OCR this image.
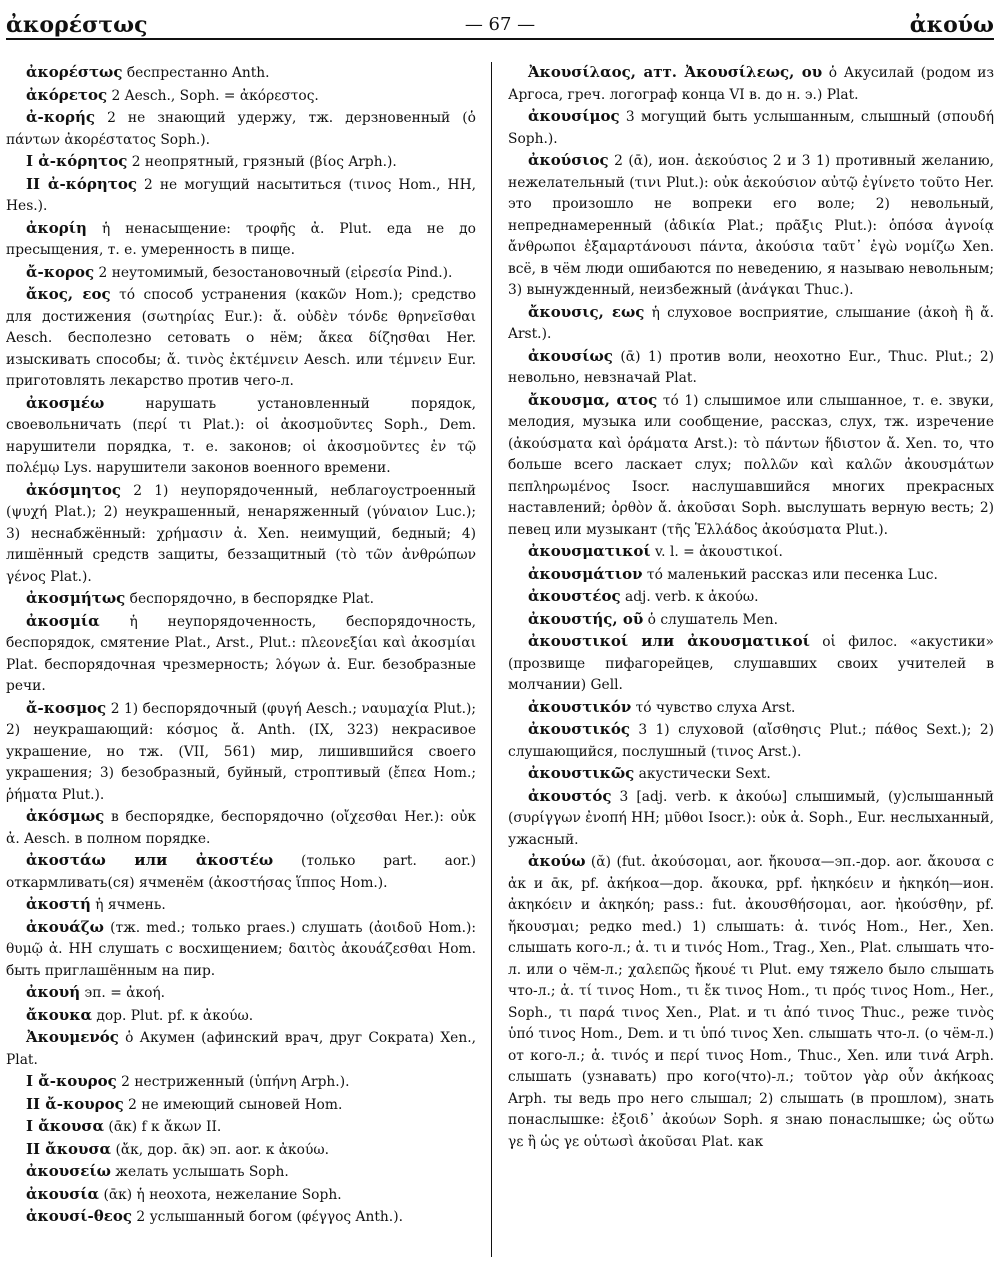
ἀκορέστως	— 67 —	ἀκούω

ἀκορέστως беспрестанно Anth.

ἀκόρετος 2 Aesch., Soph. = ἀκόρεστος.

ἀ-κορής 2 не знающий удержу, тж. дерзновенный (ὁ πάντων ἀκορέστατος Soph.).

I ἀ-κόρητος 2 неопрятный, грязный (βίος Arph.).

II ἀ-κόρητος 2 не могущий насытиться (τινος Hom., HH, Hes.).

ἀκορίη ἡ ненасыщение: τροφῆς ἀ. Plut. еда не до пресыщения, т. е. умеренность в пище.

ἄ-κορος 2 неутомимый, безостановочный (εἰρεσία Pind.).

ἄκος, εος τό способ устранения (κακῶν Hom.); средство для достижения (σωτηρίας Eur.): ἄ. οὐδὲν τόνδε θρηνεῖσθαι Aesch. бесполезно сетовать о нём; ἄκεα δίζησθαι Her. изыскивать способы; ἄ. τινὸς ἐκτέμνειν Aesch. или τέμνειν Eur. приготовлять лекарство против чего-л.

ἀκοσμέω нарушать установленный порядок, своевольничать (περί τι Plat.): οἱ ἀκοσμοῦντες Soph., Dem. нарушители порядка, т. е. законов; οἱ ἀκοσμοῦντες ἐν τῷ πολέμῳ Lys. нарушители законов военного времени.

ἀκόσμητος 2 1) неупорядоченный, неблагоустроенный (ψυχή Plat.); 2) неукрашенный, ненаряженный (γύναιον Luc.); 3) неснабжённый: χρήμασιν ἀ. Xen. неимущий, бедный; 4) лишённый средств защиты, беззащитный (τὸ τῶν ἀνθρώπων γένος Plat.).

ἀκοσμήτως беспорядочно, в беспорядке Plat.

ἀκοσμία ἡ неупорядоченность, беспорядочность, беспорядок, смятение Plat., Arst., Plut.: πλεονεξίαι καὶ ἀκοσμίαι Plat. беспорядочная чрезмерность; λόγων ἀ. Eur. безобразные речи.

ἄ-κοσμος 2 1) беспорядочный (φυγή Aesch.; ναυμαχία Plut.); 2) неукрашающий: κόσμος ἄ. Anth. (IX, 323) некрасивое украшение, но тж. (VII, 561) мир, лишившийся своего украшения; 3) безобразный, буйный, строптивый (ἔπεα Hom.; ῥήματα Plut.).

ἀκόσμως в беспорядке, беспорядочно (οἴχεσθαι Her.): οὐκ ἀ. Aesch. в полном порядке.

ἀκοστάω или ἀκοστέω (только part. aor.) откармливать(ся) ячменём (ἀκοστήσας ἵππος Hom.).

ἀκοστή ἡ ячмень.

ἀκουάζω (тж. med.; только praes.) слушать (ἀοιδοῦ Hom.): θυμῷ ἀ. HH слушать с восхищением; δαιτὸς ἀκουάζεσθαι Hom. быть приглашённым на пир.

ἀκουή эп. = ἀκοή.

ἄκουκα дор. Plut. pf. к ἀκούω.

Ἀκουμενός ὁ Акумен (афинский врач, друг Сократа) Xen., Plat.

I ἄ-κουρος 2 нестриженный (ὑπήνη Arph.).

II ἄ-κουρος 2 не имеющий сыновей Hom.

I ἄκουσα (ᾱκ) f к ἄκων II.

II ἄκουσα (ἄκ, дор. ᾱκ) эп. aor. к ἀκούω.

ἀκουσείω желать услышать Soph.

ἀκουσία (ᾱκ) ἡ неохота, нежелание Soph.

ἀκουσί-θεος 2 услышанный богом (φέγγος Anth.).

Ἀκουσίλαος, атт. Ἀκουσίλεως, ου ὁ Акусилай (родом из Аргоса, греч. логограф конца VI в. до н. э.) Plat.

ἀκουσίμος 3 могущий быть услышанным, слышный (σπουδή Soph.).

ἀκούσιος 2 (ᾱ), ион. ἀεκούσιος 2 и 3 1) противный желанию, нежелательный (τινι Plut.): οὐκ ἀεκούσιον αὐτῷ ἐγίνετο τοῦτο Her. это произошло не вопреки его воле; 2) невольный, непреднамеренный (ἀδικία Plat.; πρᾶξις Plut.): ὁπόσα ἀγνοίᾳ ἄνθρωποι ἐξαμαρτάνουσι πάντα, ἀκούσια ταῦτ᾽ ἐγὼ νομίζω Xen. всё, в чём люди ошибаются по неведению, я называю невольным; 3) вынужденный, неизбежный (ἀνάγκαι Thuc.).

ἄκουσις, εως ἡ слуховое восприятие, слышание (ἀκοὴ ἢ ἄ. Arst.).

ἀκουσίως (ᾱ) 1) против воли, неохотно Eur., Thuc. Plut.; 2) невольно, невзначай Plat.

ἄκουσμα, ατος τό 1) слышимое или слышанное, т. е. звуки, мелодия, музыка или сообщение, рассказ, слух, тж. изречение (ἀκούσματα καὶ ὁράματα Arst.): τὸ πάντων ἥδιστον ἄ. Xen. то, что больше всего ласкает слух; πολλῶν καὶ καλῶν ἀκουσμάτων πεπληρωμένος Isocr. наслушавшийся многих прекрасных наставлений; ὀρθὸν ἄ. ἀκοῦσαι Soph. выслушать верную весть; 2) певец или музыкант (τῆς Ἑλλάδος ἀκούσματα Plut.).

ἀκουσματικοί v. l. = ἀκουστικοί.

ἀκουσμάτιον τό маленький рассказ или песенка Luc.

ἀκουστέος adj. verb. к ἀκούω.

ἀκουστής, οῦ ὁ слушатель Men.

ἀκουστικοί или ἀκουσματικοί οἱ филос. «акустики» (прозвище пифагорейцев, слушавших своих учителей в молчании) Gell.

ἀκουστικόν τό чувство слуха Arst.

ἀκουστικός 3 1) слуховой (αἴσθησις Plut.; πάθος Sext.); 2) слушающийся, послушный (τινος Arst.).

ἀκουστικῶς акустически Sext.

ἀκουστός 3 [adj. verb. к ἀκούω] слышимый, (у)слышанный (συρίγγων ἐνοπή HH; μῦθοι Isocr.): οὐκ ἀ. Soph., Eur. неслыханный, ужасный.

ἀκούω (ᾰ) (fut. ἀκούσομαι, aor. ἤκουσα—эп.-дор. aor. ἄκουσα с ἀκ и ᾱκ, pf. ἀκήκοα—дор. ἄκουκα, ppf. ἠκηκόειν и ἠκηκόη—ион. ἀκηκόειν и ἀκηκόη; pass.: fut. ἀκουσθήσομαι, aor. ἠκούσθην, pf. ἤκουσμαι; редко med.) 1) слышать: ἀ. τινός Hom., Her., Xen. слышать кого-л.; ἀ. τι и τινός Hom., Trag., Xen., Plat. слышать что-л. или о чём-л.; χαλεπῶς ἤκουέ τι Plut. ему тяжело было слышать что-л.; ἀ. τί τινος Hom., τι ἔκ τινος Hom., τι πρός τινος Hom., Her., Soph., τι παρά τινος Xen., Plat. и τι ἀπό τινος Thuc., реже τινὸς ὑπό τινος Hom., Dem. и τι ὑπό τινος Xen. слышать что-л. (о чём-л.) от кого-л.; ἀ. τινός и περί τινος Hom., Thuc., Xen. или τινά Arph. слышать (узнавать) про кого(что)-л.; τοῦτον γὰρ οὖν ἀκήκοας Arph. ты ведь про него слышал; 2) слышать (в прошлом), знать понаслышке: ἐξοιδ᾽ ἀκούων Soph. я знаю понаслышке; ὡς οὕτω γε ἢ ὡς γε οὑτωσὶ ἀκοῦσαι Plat. как
